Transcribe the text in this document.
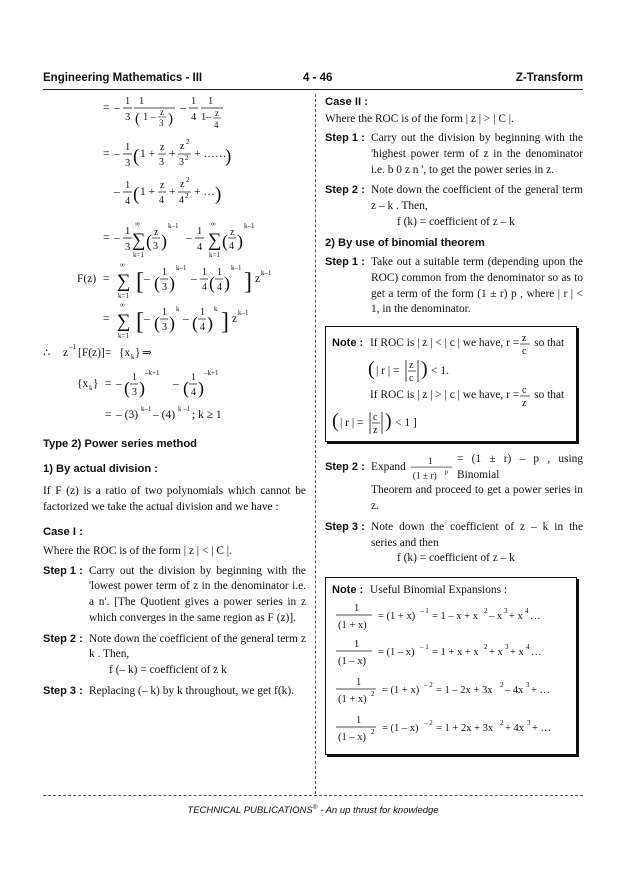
Engineering Mathematics - III	4 - 46	Z-Transform
= –
1
3
1
( 1 – z
3 )
–
1
4
1
1– z
4
= –
1
3 ( 1 +
z
3
+
z 2
3 2 + ……
)
–
1
4 ( 1 +
z
4
+
z 2
4 2 + … )
= –
1
3
∞
∑
k=1
( z
3 )
k–1
–
1
4
∞
∑
k=1
( z
4 )
k–1
F(z) =
∞
∑
k=1
[ – (
1
3 )
k–1
–
1
4 (
1
4 )
k–1
] z k–1
=
∞
∑
k=1
[ – (
1
3 )
k
– (
1
4 )
k ] z k–1
∴ z –1 [F(z)] = {x k } ⇒
{x k } = – (
1
3 )
–k+1
– (
1
4 )
–k+1
= – (3) k–1 – (4) k –1 ; k ≥ 1

Type 2) Power series method

1) By actual division :

If F (z) is a ratio of two polynomials which cannot be factorized we take the actual division and we have :

Case I :

Where the ROC is of the form | z | < | C |.

Step 1 : Carry out the division by beginning with the 'lowest power term of z in the denominator i.e. a n'. [The Quotient gives a power series in z which converges in the same region as F (z)].
Step 2 : Note down the coefficient of the general term z k . Then,
f (– k) = coefficient of z k
Step 3 : Replacing (– k) by k throughout, we get f(k).

Case II :

Where the ROC is of the form | z | > | C |.

Step 1 : Carry out the division by beginning with the 'highest power term of z in the denominator i.e. b 0 z n ', to get the power series in z.
Step 2 : Note down the coefficient of the general term z – k . Then,
f (k) = coefficient of z – k

2) By use of binomial theorem

Step 1 : Take out a suitable term (depending upon the ROC) common from the denominator so as to get a term of the form (1 ± r) p , where | r | < 1, in the denominator.
Note : If ROC is | z | < | c | we have, r = z
c
so that
( | r | = z
c ) < 1.
If ROC is | z | > | c | we have, r = c
z
so that
( | r | = c
z ) < 1 ]
Step 2 : Expand 1
(1 ± r) p
= (1 ± r) – p , using Binomial
Theorem and proceed to get a power series in z.
Step 3 : Note down the coefficient of z – k in the series and then
f (k) = coefficient of z – k
Note : Useful Binomial Expansions :
1
(1 + x)
= (1 + x) – 1 = 1 – x + x 2 – x 3 + x 4 …
1
(1 – x)
= (1 – x) – 1 = 1 + x + x 2 + x 3 + x 4 …
1
(1 + x) 2 = (1 + x) – 2 = 1 – 2x + 3x 2 – 4x 3 + …
1
(1 – x) 2 = (1 – x) – 2 = 1 + 2x + 3x 2 + 4x 3 + …
TECHNICAL PUBLICATIONS® - An up thrust for knowledge
